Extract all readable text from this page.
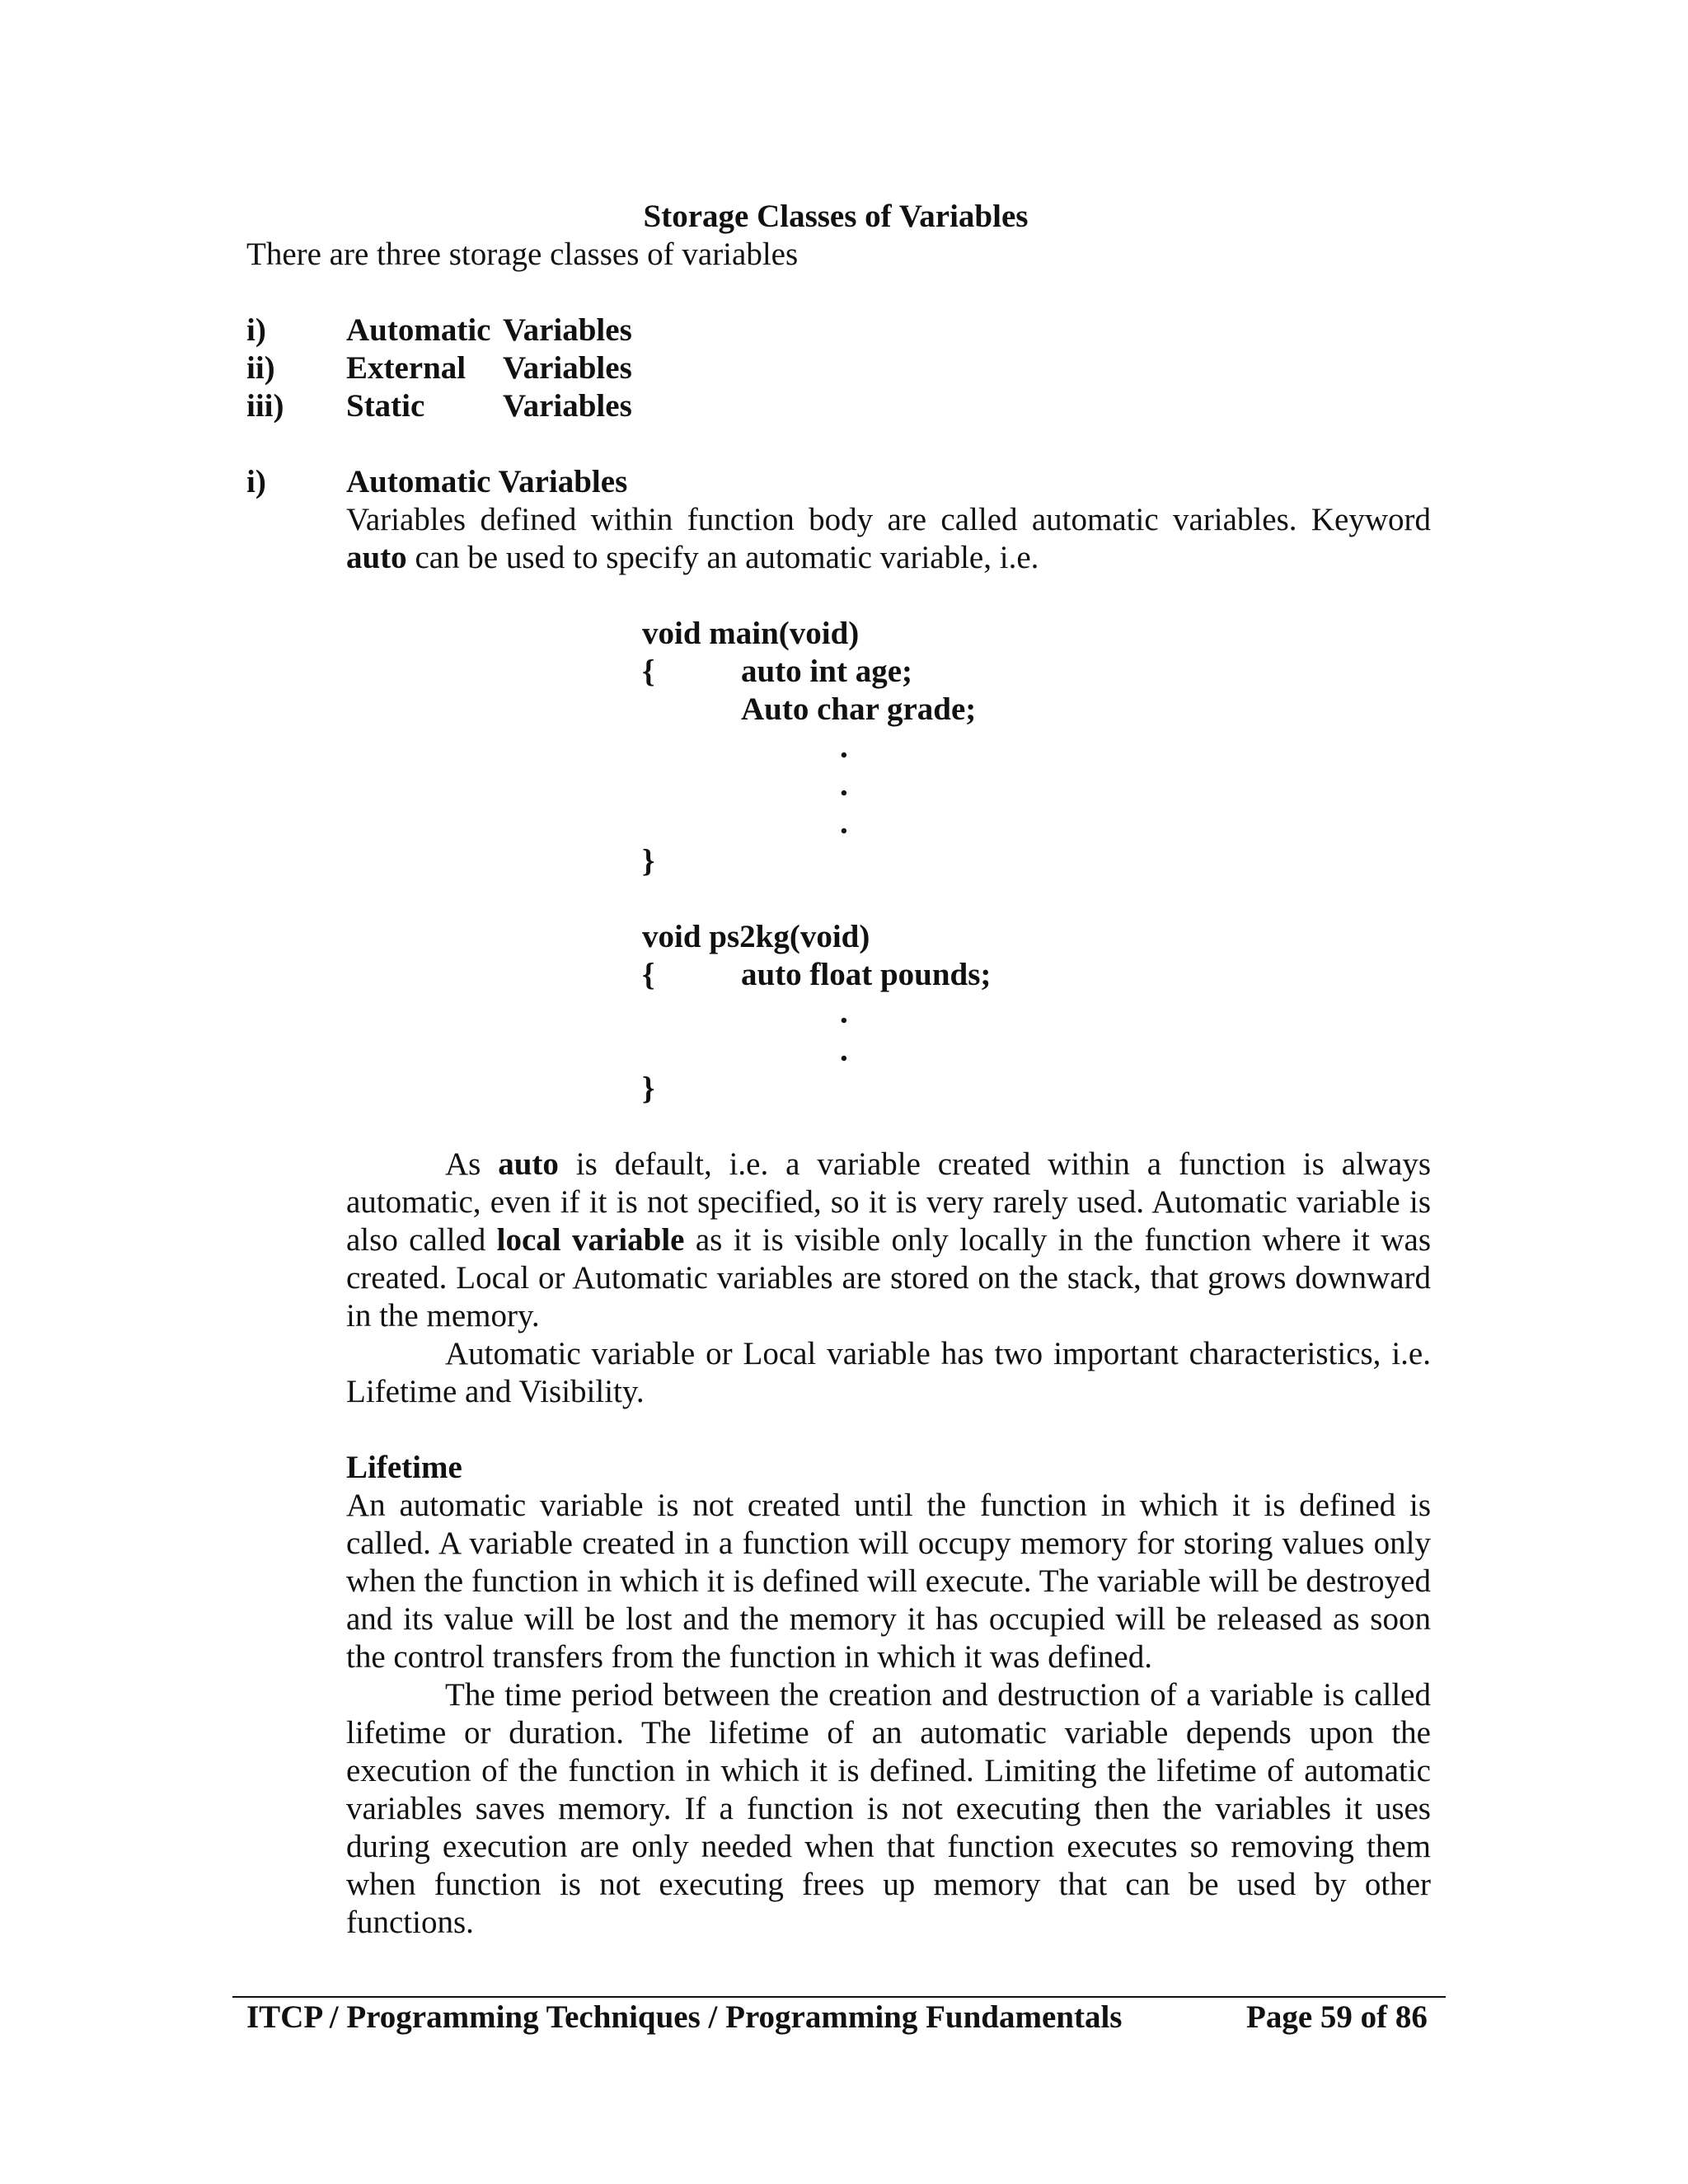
Storage Classes of Variables
There are three storage classes of variables
i) Automatic Variables
ii) External Variables
iii) Static Variables
i) Automatic Variables

Variables defined within function body are called automatic variables. Keyword auto can be used to specify an automatic variable, i.e.

void main(void)
{	auto int age;
Auto char grade;
.
.
.
}
void ps2kg(void)
{	auto float pounds;
.
.
}

As auto is default, i.e. a variable created within a function is always automatic, even if it is not specified, so it is very rarely used. Automatic variable is also called local variable as it is visible only locally in the function where it was created. Local or Automatic variables are stored on the stack, that grows downward in the memory.

Automatic variable or Local variable has two important characteristics, i.e. Lifetime and Visibility.

Lifetime

An automatic variable is not created until the function in which it is defined is called. A variable created in a function will occupy memory for storing values only when the function in which it is defined will execute. The variable will be destroyed and its value will be lost and the memory it has occupied will be released as soon the control transfers from the function in which it was defined.

The time period between the creation and destruction of a variable is called lifetime or duration. The lifetime of an automatic variable depends upon the execution of the function in which it is defined. Limiting the lifetime of automatic variables saves memory. If a function is not executing then the variables it uses during execution are only needed when that function executes so removing them when function is not executing frees up memory that can be used by other functions.

ITCP / Programming Techniques / Programming Fundamentals	Page 59 of 86
